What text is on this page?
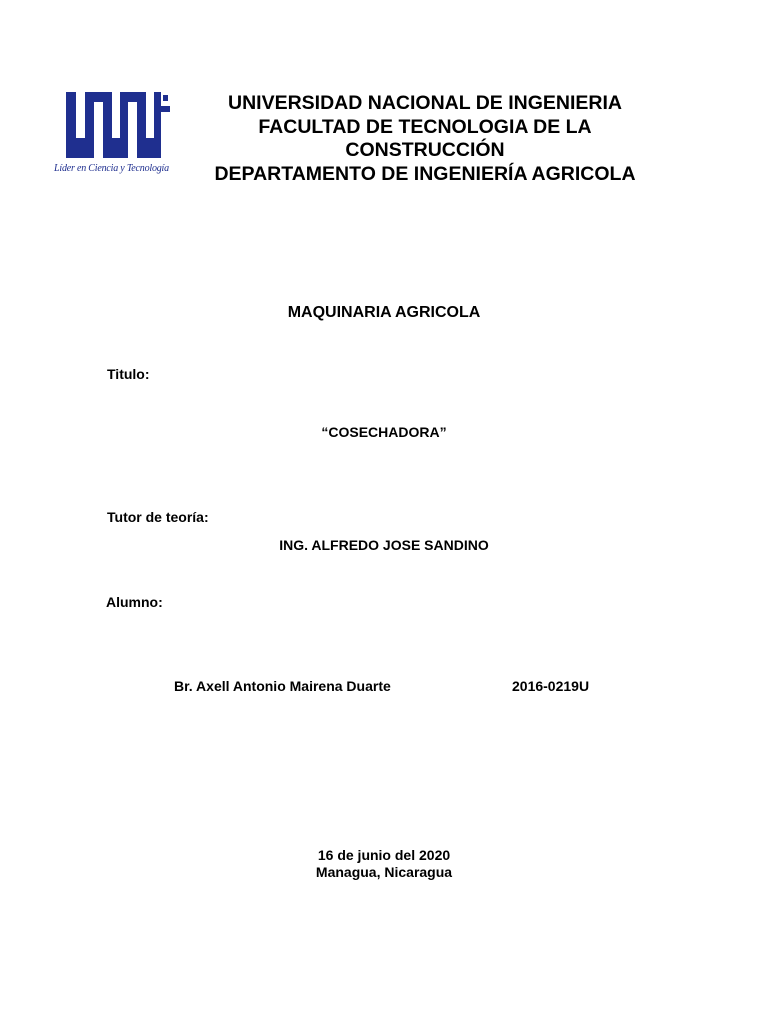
Líder en Ciencia y Tecnología
UNIVERSIDAD NACIONAL DE INGENIERIA
FACULTAD DE TECNOLOGIA DE LA
CONSTRUCCIÓN
DEPARTAMENTO DE INGENIERÍA AGRICOLA
MAQUINARIA AGRICOLA
Titulo:
“COSECHADORA”
Tutor de teoría:
ING. ALFREDO JOSE SANDINO
Alumno:
Br. Axell Antonio Mairena Duarte	2016-0219U
16 de junio del 2020
Managua, Nicaragua
